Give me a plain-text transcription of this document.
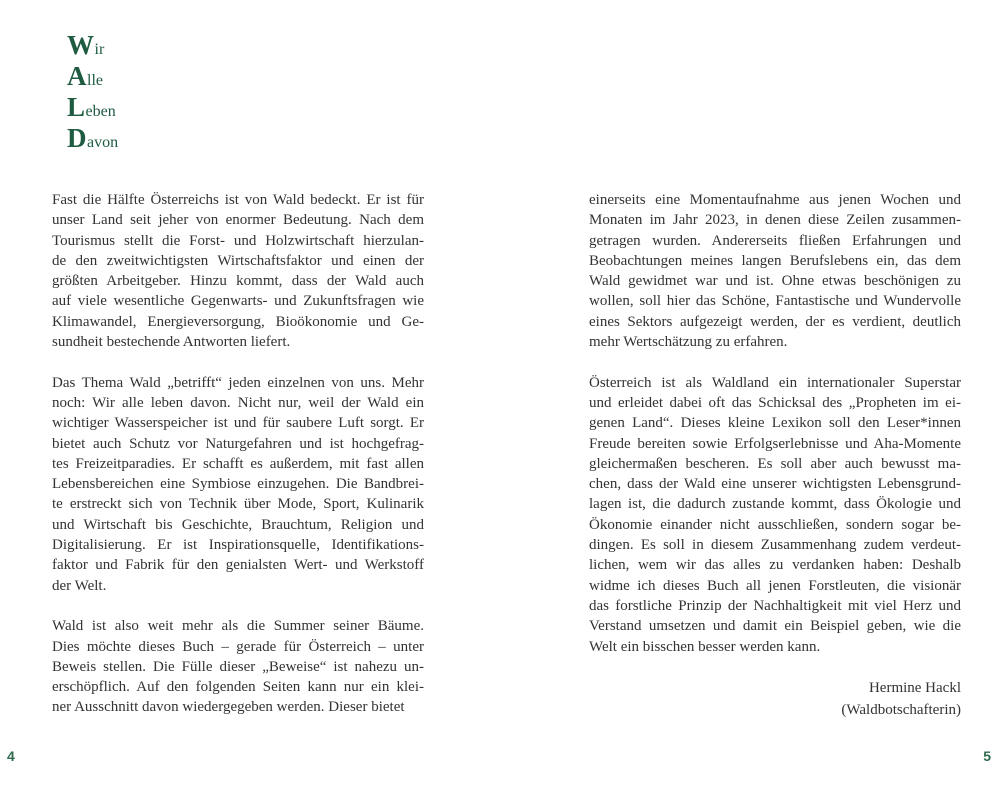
Wir
Alle
Leben
Davon
Fast die Hälfte Österreichs ist von Wald bedeckt. Er ist für
unser Land seit jeher von enormer Bedeutung. Nach dem
Tourismus stellt die Forst- und Holzwirtschaft hierzulan-
de den zweitwichtigsten Wirtschaftsfaktor und einen der
größten Arbeitgeber. Hinzu kommt, dass der Wald auch
auf viele wesentliche Gegenwarts- und Zukunftsfragen wie
Klimawandel, Energieversorgung, Bioökonomie und Ge-
sundheit bestechende Antworten liefert.
Das Thema Wald „betrifft“ jeden einzelnen von uns. Mehr
noch: Wir alle leben davon. Nicht nur, weil der Wald ein
wichtiger Wasserspeicher ist und für saubere Luft sorgt. Er
bietet auch Schutz vor Naturgefahren und ist hochgefrag-
tes Freizeitparadies. Er schafft es außerdem, mit fast allen
Lebensbereichen eine Symbiose einzugehen. Die Bandbrei-
te erstreckt sich von Technik über Mode, Sport, Kulinarik
und Wirtschaft bis Geschichte, Brauchtum, Religion und
Digitalisierung. Er ist Inspirationsquelle, Identifikations-
faktor und Fabrik für den genialsten Wert- und Werkstoff
der Welt.
Wald ist also weit mehr als die Summer seiner Bäume.
Dies möchte dieses Buch – gerade für Österreich – unter
Beweis stellen. Die Fülle dieser „Beweise“ ist nahezu un-
erschöpflich. Auf den folgenden Seiten kann nur ein klei-
ner Ausschnitt davon wiedergegeben werden. Dieser bietet
einerseits eine Momentaufnahme aus jenen Wochen und
Monaten im Jahr 2023, in denen diese Zeilen zusammen-
getragen wurden. Andererseits fließen Erfahrungen und
Beobachtungen meines langen Berufslebens ein, das dem
Wald gewidmet war und ist. Ohne etwas beschönigen zu
wollen, soll hier das Schöne, Fantastische und Wundervolle
eines Sektors aufgezeigt werden, der es verdient, deutlich
mehr Wertschätzung zu erfahren.
Österreich ist als Waldland ein internationaler Superstar
und erleidet dabei oft das Schicksal des „Propheten im ei-
genen Land“. Dieses kleine Lexikon soll den Leser*innen
Freude bereiten sowie Erfolgserlebnisse und Aha-Momente
gleichermaßen bescheren. Es soll aber auch bewusst ma-
chen, dass der Wald eine unserer wichtigsten Lebensgrund-
lagen ist, die dadurch zustande kommt, dass Ökologie und
Ökonomie einander nicht ausschließen, sondern sogar be-
dingen. Es soll in diesem Zusammenhang zudem verdeut-
lichen, wem wir das alles zu verdanken haben: Deshalb
widme ich dieses Buch all jenen Forstleuten, die visionär
das forstliche Prinzip der Nachhaltigkeit mit viel Herz und
Verstand umsetzen und damit ein Beispiel geben, wie die
Welt ein bisschen besser werden kann.
Hermine Hackl
(Waldbotschafterin)
4	5
